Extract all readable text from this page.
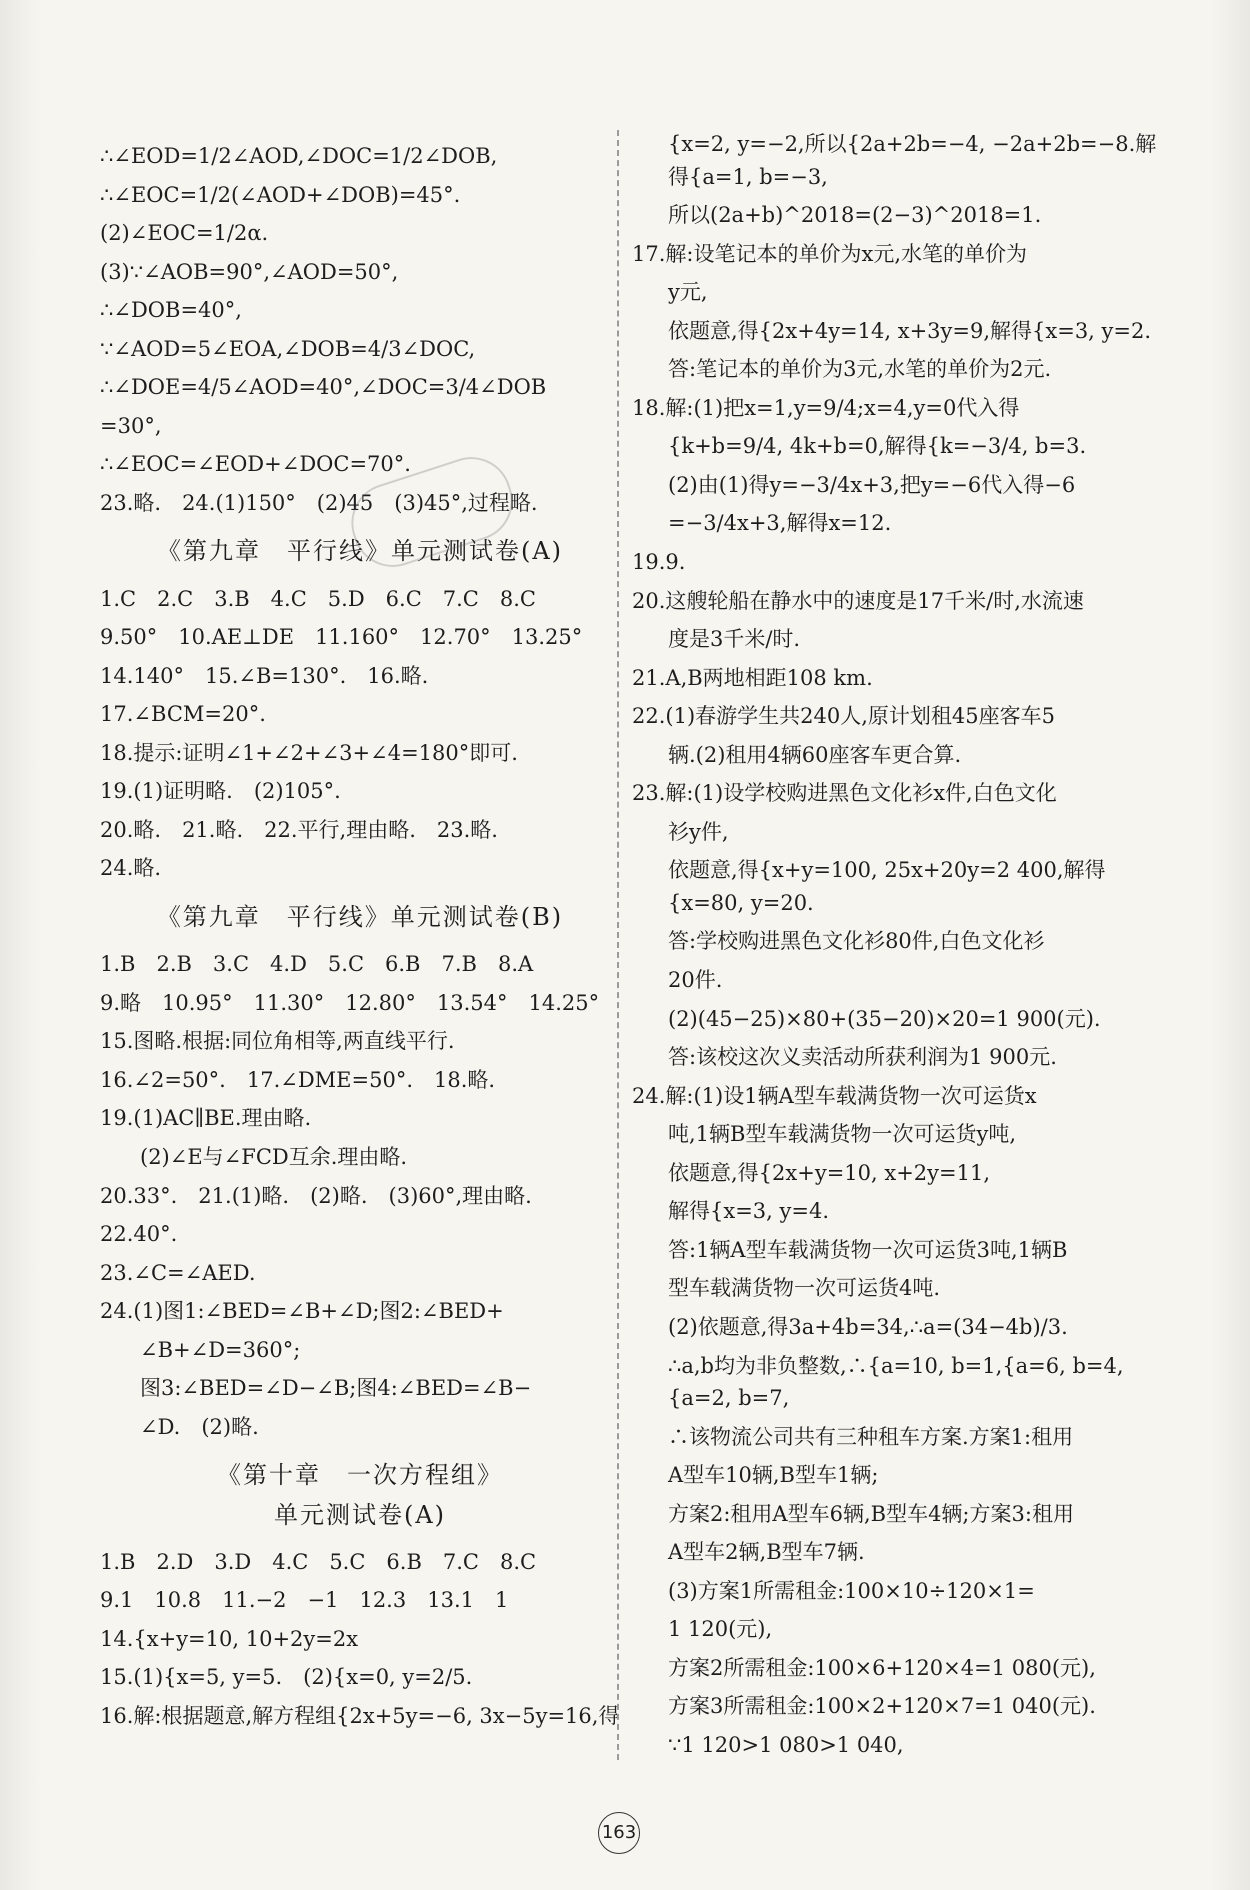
∴∠EOD=1/2∠AOD,∠DOC=1/2∠DOB,
∴∠EOC=1/2(∠AOD+∠DOB)=45°.
(2)∠EOC=1/2α.
(3)∵∠AOB=90°,∠AOD=50°,
∴∠DOB=40°,
∵∠AOD=5∠EOA,∠DOB=4/3∠DOC,
∴∠DOE=4/5∠AOD=40°,∠DOC=3/4∠DOB
=30°,
∴∠EOC=∠EOD+∠DOC=70°.
23.略.　24.(1)150°　(2)45　(3)45°,过程略.
《第九章　平行线》单元测试卷(A)
1.C　2.C　3.B　4.C　5.D　6.C　7.C　8.C
9.50°　10.AE⊥DE　11.160°　12.70°　13.25°
14.140°　15.∠B=130°.　16.略.
17.∠BCM=20°.
18.提示:证明∠1+∠2+∠3+∠4=180°即可.
19.(1)证明略.　(2)105°.
20.略.　21.略.　22.平行,理由略.　23.略.
24.略.
《第九章　平行线》单元测试卷(B)
1.B　2.B　3.C　4.D　5.C　6.B　7.B　8.A
9.略　10.95°　11.30°　12.80°　13.54°　14.25°
15.图略.根据:同位角相等,两直线平行.
16.∠2=50°.　17.∠DME=50°.　18.略.
19.(1)AC∥BE.理由略.
(2)∠E与∠FCD互余.理由略.
20.33°.　21.(1)略.　(2)略.　(3)60°,理由略.
22.40°.
23.∠C=∠AED.
24.(1)图1:∠BED=∠B+∠D;图2:∠BED+
∠B+∠D=360°;
图3:∠BED=∠D−∠B;图4:∠BED=∠B−
∠D.　(2)略.
《第十章　一次方程组》
单元测试卷(A)
1.B　2.D　3.D　4.C　5.C　6.B　7.C　8.C
9.1　10.8　11.−2　−1　12.3　13.1　1
14.{x+y=10, 10+2y=2x
15.(1){x=5, y=5.　(2){x=0, y=2/5.
16.解:根据题意,解方程组{2x+5y=−6, 3x−5y=16,得
{x=2, y=−2,所以{2a+2b=−4, −2a+2b=−8.解得{a=1, b=−3,
所以(2a+b)^2018=(2−3)^2018=1.
17.解:设笔记本的单价为x元,水笔的单价为
y元,
依题意,得{2x+4y=14, x+3y=9,解得{x=3, y=2.
答:笔记本的单价为3元,水笔的单价为2元.
18.解:(1)把x=1,y=9/4;x=4,y=0代入得
{k+b=9/4, 4k+b=0,解得{k=−3/4, b=3.
(2)由(1)得y=−3/4x+3,把y=−6代入得−6
=−3/4x+3,解得x=12.
19.9.
20.这艘轮船在静水中的速度是17千米/时,水流速
度是3千米/时.
21.A,B两地相距108 km.
22.(1)春游学生共240人,原计划租45座客车5
辆.(2)租用4辆60座客车更合算.
23.解:(1)设学校购进黑色文化衫x件,白色文化
衫y件,
依题意,得{x+y=100, 25x+20y=2 400,解得{x=80, y=20.
答:学校购进黑色文化衫80件,白色文化衫
20件.
(2)(45−25)×80+(35−20)×20=1 900(元).
答:该校这次义卖活动所获利润为1 900元.
24.解:(1)设1辆A型车载满货物一次可运货x
吨,1辆B型车载满货物一次可运货y吨,
依题意,得{2x+y=10, x+2y=11,
解得{x=3, y=4.
答:1辆A型车载满货物一次可运货3吨,1辆B
型车载满货物一次可运货4吨.
(2)依题意,得3a+4b=34,∴a=(34−4b)/3.
∴a,b均为非负整数,∴{a=10, b=1,{a=6, b=4,{a=2, b=7,
∴该物流公司共有三种租车方案.方案1:租用
A型车10辆,B型车1辆;
方案2:租用A型车6辆,B型车4辆;方案3:租用
A型车2辆,B型车7辆.
(3)方案1所需租金:100×10÷120×1=
1 120(元),
方案2所需租金:100×6+120×4=1 080(元),
方案3所需租金:100×2+120×7=1 040(元).
∵1 120>1 080>1 040,
163
